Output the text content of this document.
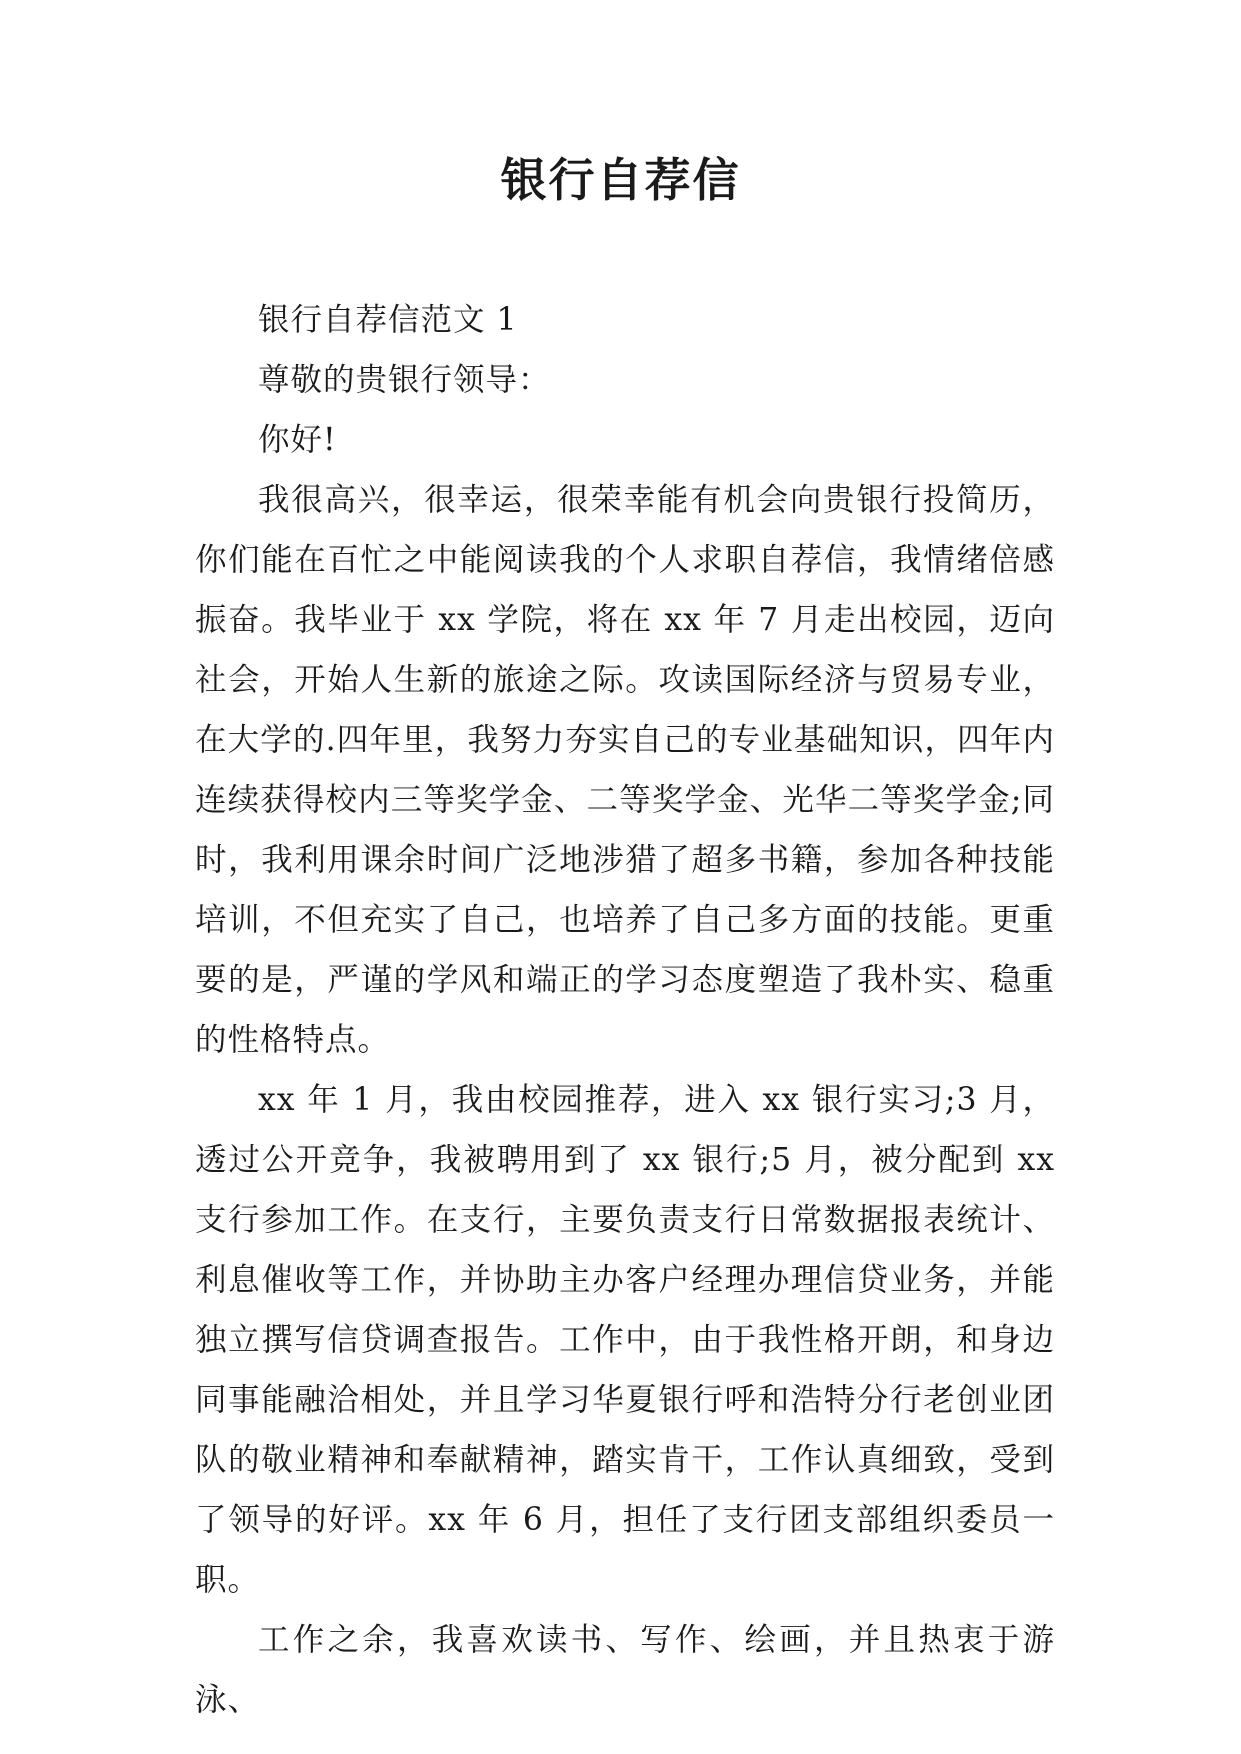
银行自荐信

银行自荐信范文 1

尊敬的贵银行领导：

你好!

我很高兴，很幸运，很荣幸能有机会向贵银行投简历，你们能在百忙之中能阅读我的个人求职自荐信，我情绪倍感振奋。我毕业于 xx 学院，将在 xx 年 7 月走出校园，迈向社会，开始人生新的旅途之际。攻读国际经济与贸易专业，在大学的.四年里，我努力夯实自己的专业基础知识，四年内连续获得校内三等奖学金、二等奖学金、光华二等奖学金;同时，我利用课余时间广泛地涉猎了超多书籍，参加各种技能培训，不但充实了自己，也培养了自己多方面的技能。更重要的是，严谨的学风和端正的学习态度塑造了我朴实、稳重的性格特点。

xx 年 1 月，我由校园推荐，进入 xx 银行实习;3 月，透过公开竞争，我被聘用到了 xx 银行;5 月，被分配到 xx 支行参加工作。在支行，主要负责支行日常数据报表统计、利息催收等工作，并协助主办客户经理办理信贷业务，并能独立撰写信贷调查报告。工作中，由于我性格开朗，和身边同事能融洽相处，并且学习华夏银行呼和浩特分行老创业团队的敬业精神和奉献精神，踏实肯干，工作认真细致，受到了领导的好评。xx 年 6 月，担任了支行团支部组织委员一职。

工作之余，我喜欢读书、写作、绘画，并且热衷于游泳、
